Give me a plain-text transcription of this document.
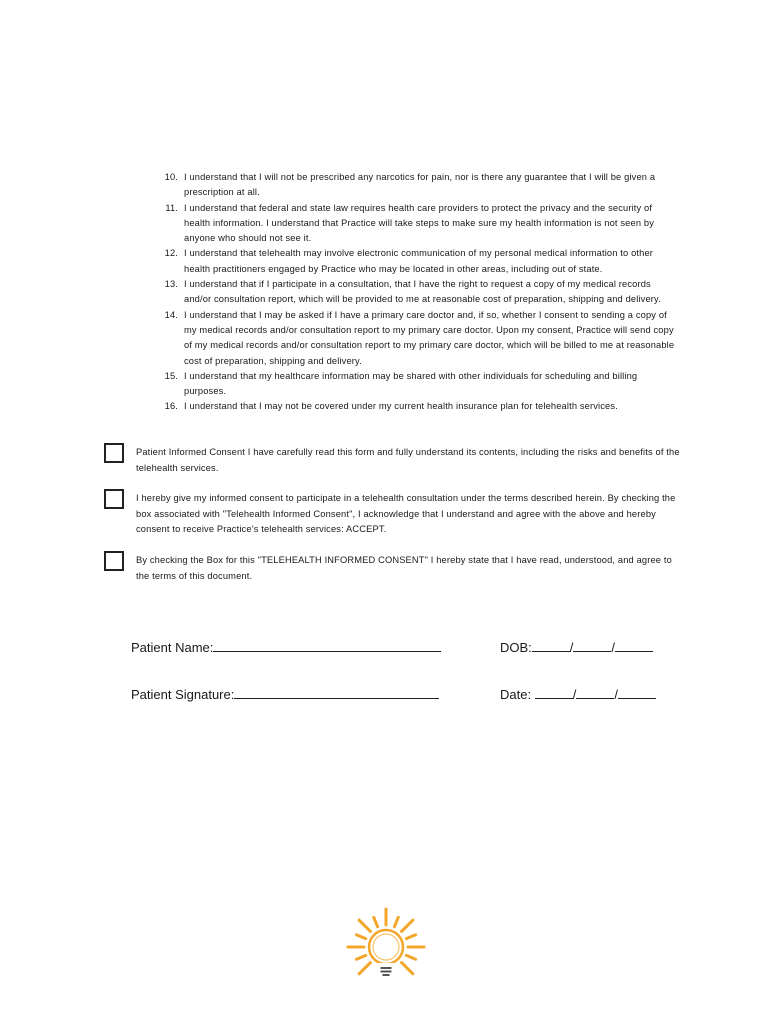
10. I understand that I will not be prescribed any narcotics for pain, nor is there any guarantee that I will be given a prescription at all.
11. I understand that federal and state law requires health care providers to protect the privacy and the security of health information. I understand that Practice will take steps to make sure my health information is not seen by anyone who should not see it.
12. I understand that telehealth may involve electronic communication of my personal medical information to other health practitioners engaged by Practice who may be located in other areas, including out of state.
13. I understand that if I participate in a consultation, that I have the right to request a copy of my medical records and/or consultation report, which will be provided to me at reasonable cost of preparation, shipping and delivery.
14. I understand that I may be asked if I have a primary care doctor and, if so, whether I consent to sending a copy of my medical records and/or consultation report to my primary care doctor. Upon my consent, Practice will send copy of my medical records and/or consultation report to my primary care doctor, which will be billed to me at reasonable cost of preparation, shipping and delivery.
15. I understand that my healthcare information may be shared with other individuals for scheduling and billing purposes.
16. I understand that I may not be covered under my current health insurance plan for telehealth services.
Patient Informed Consent I have carefully read this form and fully understand its contents, including the risks and benefits of the telehealth services.
I hereby give my informed consent to participate in a telehealth consultation under the terms described herein. By checking the box associated with "Telehealth Informed Consent", I acknowledge that I understand and agree with the above and hereby consent to receive Practice’s telehealth services: ACCEPT.
By checking the Box for this "TELEHEALTH INFORMED CONSENT" I hereby state that I have read, understood, and agree to the terms of this document.
Patient Name:	DOB:	/	/
Patient Signature:	Date:	/	/
